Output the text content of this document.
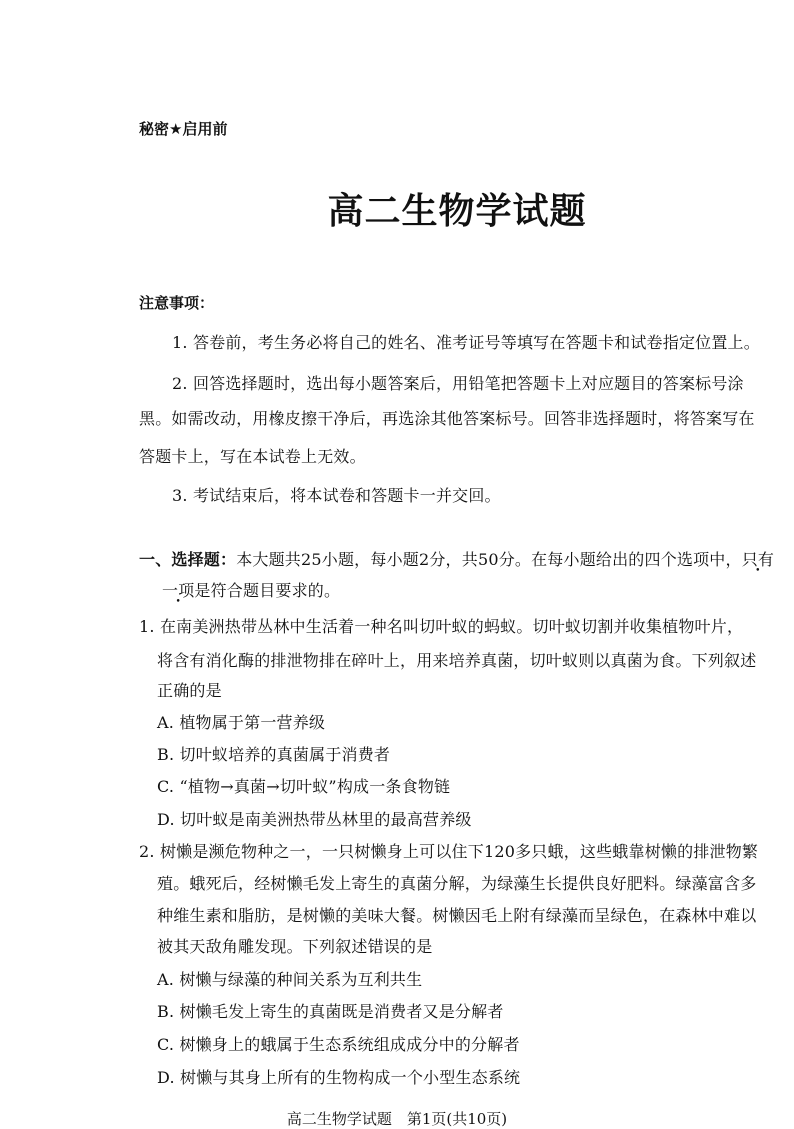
秘密★启用前
高二生物学试题
注意事项：
1. 答卷前，考生务必将自己的姓名、准考证号等填写在答题卡和试卷指定位置上。
2. 回答选择题时，选出每小题答案后，用铅笔把答题卡上对应题目的答案标号涂
黑。如需改动，用橡皮擦干净后，再选涂其他答案标号。回答非选择题时，将答案写在
答题卡上，写在本试卷上无效。
3. 考试结束后，将本试卷和答题卡一并交回。
一、选择题：本大题共25小题，每小题2分，共50分。在每小题给出的四个选项中，只有
一项是符合题目要求的。
1. 在南美洲热带丛林中生活着一种名叫切叶蚁的蚂蚁。切叶蚁切割并收集植物叶片，
将含有消化酶的排泄物排在碎叶上，用来培养真菌，切叶蚁则以真菌为食。下列叙述
正确的是
A. 植物属于第一营养级
B. 切叶蚁培养的真菌属于消费者
C. “植物→真菌→切叶蚁”构成一条食物链
D. 切叶蚁是南美洲热带丛林里的最高营养级
2. 树懒是濒危物种之一，一只树懒身上可以住下120多只蛾，这些蛾靠树懒的排泄物繁
殖。蛾死后，经树懒毛发上寄生的真菌分解，为绿藻生长提供良好肥料。绿藻富含多
种维生素和脂肪，是树懒的美味大餐。树懒因毛上附有绿藻而呈绿色，在森林中难以
被其天敌角雕发现。下列叙述错误的是
A. 树懒与绿藻的种间关系为互利共生
B. 树懒毛发上寄生的真菌既是消费者又是分解者
C. 树懒身上的蛾属于生态系统组成成分中的分解者
D. 树懒与其身上所有的生物构成一个小型生态系统
高二生物学试题　第1页(共10页)
